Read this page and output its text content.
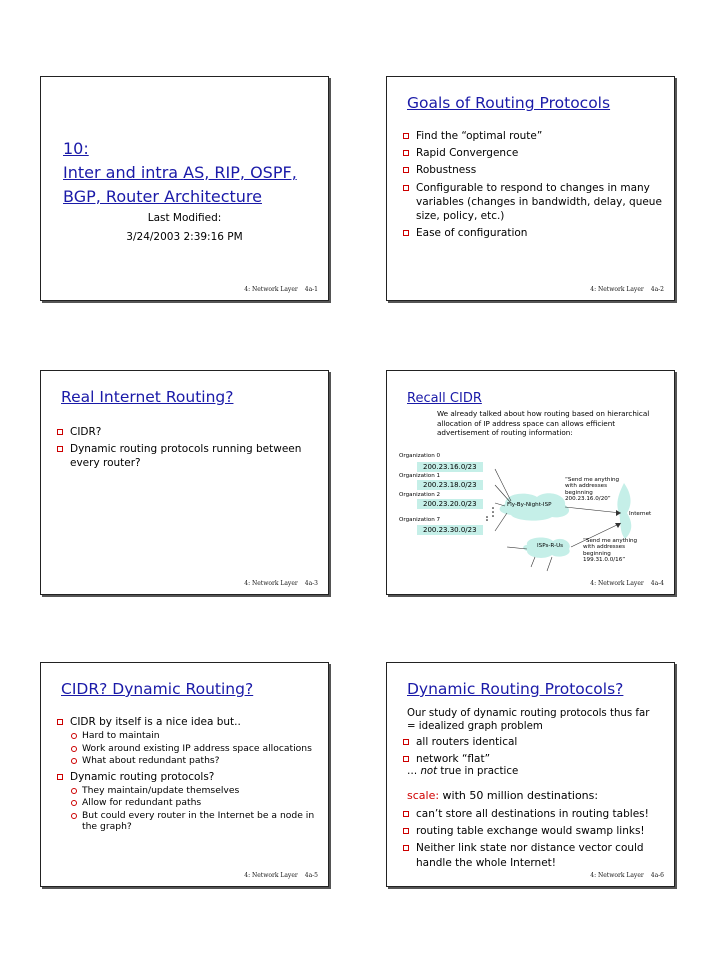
10:
Inter and intra AS, RIP, OSPF,
BGP, Router Architecture
Last Modified:
3/24/2003 2:39:16 PM
4: Network Layer 4a-1
Goals of Routing Protocols
Find the “optimal route”
Rapid Convergence
Robustness
Configurable to respond to changes in many variables (changes in bandwidth, delay, queue size, policy, etc.)
Ease of configuration
4: Network Layer 4a-2
Real Internet Routing?
CIDR?
Dynamic routing protocols running between every router?
4: Network Layer 4a-3
Recall CIDR
We already talked about how routing based on hierarchical allocation of IP address space can allows efficient advertisement of routing information:
Organization 0
200.23.16.0/23
Organization 1
200.23.18.0/23
Organization 2
200.23.20.0/23
Organization 7
200.23.30.0/23
Fly-By-Night-ISP
ISPs-R-Us
Internet
“Send me anything
with addresses
beginning
200.23.16.0/20”
“Send me anything
with addresses
beginning
199.31.0.0/16”
4: Network Layer 4a-4
CIDR? Dynamic Routing?
CIDR by itself is a nice idea but..
Hard to maintain
Work around existing IP address space allocations
What about redundant paths?
Dynamic routing protocols?
They maintain/update themselves
Allow for redundant paths
But could every router in the Internet be a node in the graph?
4: Network Layer 4a-5
Dynamic Routing Protocols?
Our study of dynamic routing protocols thus far = idealized graph problem
all routers identical
network “flat”
… not true in practice
scale: with 50 million destinations:
can’t store all destinations in routing tables!
routing table exchange would swamp links!
Neither link state nor distance vector could handle the whole Internet!
4: Network Layer 4a-6
